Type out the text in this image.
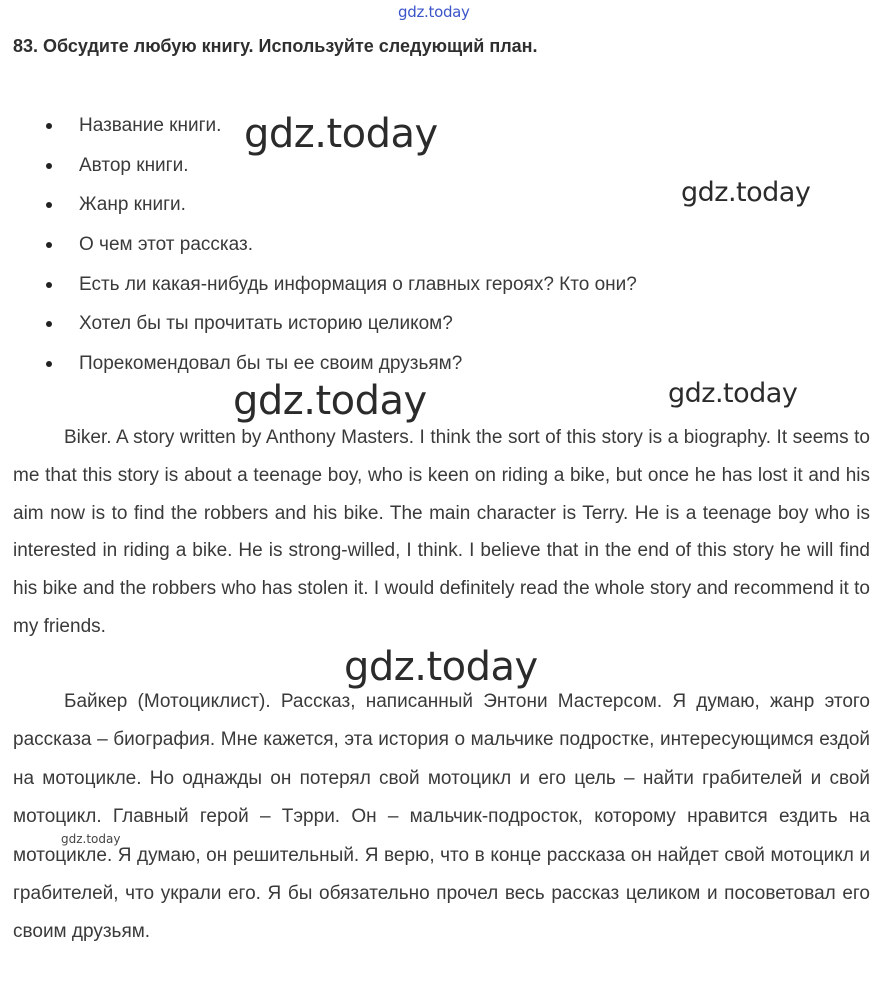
gdz.today
83. Обсудите любую книгу. Используйте следующий план.
Название книги.
Автор книги.
Жанр книги.
О чем этот рассказ.
Есть ли какая-нибудь информация о главных героях? Кто они?
Хотел бы ты прочитать историю целиком?
Порекомендовал бы ты ее своим друзьям?

Biker. A story written by Anthony Masters. I think the sort of this story is a biography. It seems to me that this story is about a teenage boy, who is keen on riding a bike, but once he has lost it and his aim now is to find the robbers and his bike. The main character is Terry. He is a teenage boy who is interested in riding a bike. He is strong-willed, I think. I believe that in the end of this story he will find his bike and the robbers who has stolen it. I would definitely read the whole story and recommend it to my friends.

Байкер (Мотоциклист). Рассказ, написанный Энтони Мастерсом. Я думаю, жанр этого рассказа – биография. Мне кажется, эта история о мальчике подростке, интересующимся ездой на мотоцикле. Но однажды он потерял свой мотоцикл и его цель – найти грабителей и свой мотоцикл. Главный герой – Тэрри. Он – мальчик-подросток, которому нравится ездить на мотоцикле. Я думаю, он решительный. Я верю, что в конце рассказа он найдет свой мотоцикл и грабителей, что украли его. Я бы обязательно прочел весь рассказ целиком и посоветовал его своим друзьям.

gdz.today
gdz.today
gdz.today	gdz.today
gdz.today
gdz.today
